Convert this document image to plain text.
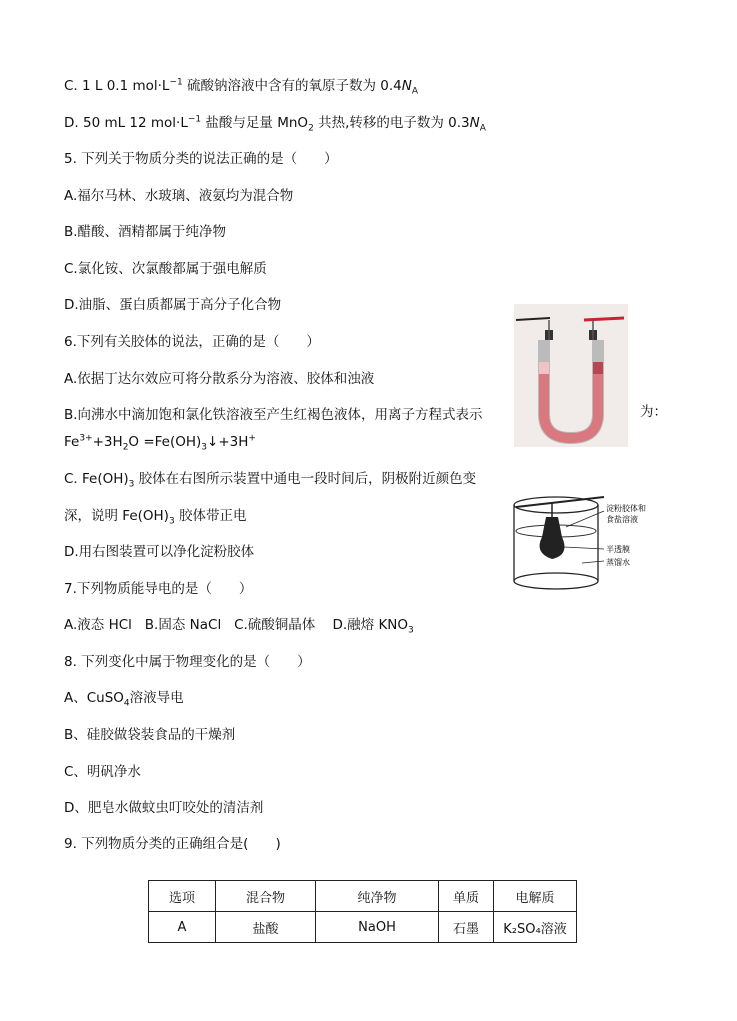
C. 1 L 0.1 $mol\cdot L^{-1}$ 硫酸钠溶液中含有的氧原子数为 $0.4N_A$
D. 50 mL 12 $mol\cdot L^{-1}$ 盐酸与足量 MnO$_2$ 共热,转移的电子数为 $0.3N_A$
5. 下列关于物质分类的说法正确的是（　　）
A.福尔马林、水玻璃、液氨均为混合物
B.醋酸、酒精都属于纯净物
C.氯化铵、次氯酸都属于强电解质
D.油脂、蛋白质都属于高分子化合物
6.下列有关胶体的说法，正确的是（　　）
A.依据丁达尔效应可将分散系分为溶液、胶体和浊液
B.向沸水中滴加饱和氯化铁溶液至产生红褐色液体，用离子方程式表示	为：
$Fe^{3+}+3H_2O$ $=Fe(OH)_3↓+3H^+$
C. $Fe(OH)_3$ 胶体在右图所示装置中通电一段时间后，阴极附近颜色变
深，说明 $Fe(OH)_3$ 胶体带正电
D.用右图装置可以净化淀粉胶体
7.下列物质能导电的是（　　）
A.液态 HCl B.固态 NaCl C.硫酸铜晶体 D.融熔 $KNO_3$
8. 下列变化中属于物理变化的是（　　）
A、CuSO$_4$溶液导电
B、硅胶做袋装食品的干燥剂
C、明矾净水
D、肥皂水做蚊虫叮咬处的清洁剂
9. 下列物质分类的正确组合是(　　)
淀粉胶体和
食盐溶液
半透膜
蒸馏水
选项	混合物	纯净物	单质	电解质
A	盐酸	NaOH	石墨	K₂SO₄溶液
